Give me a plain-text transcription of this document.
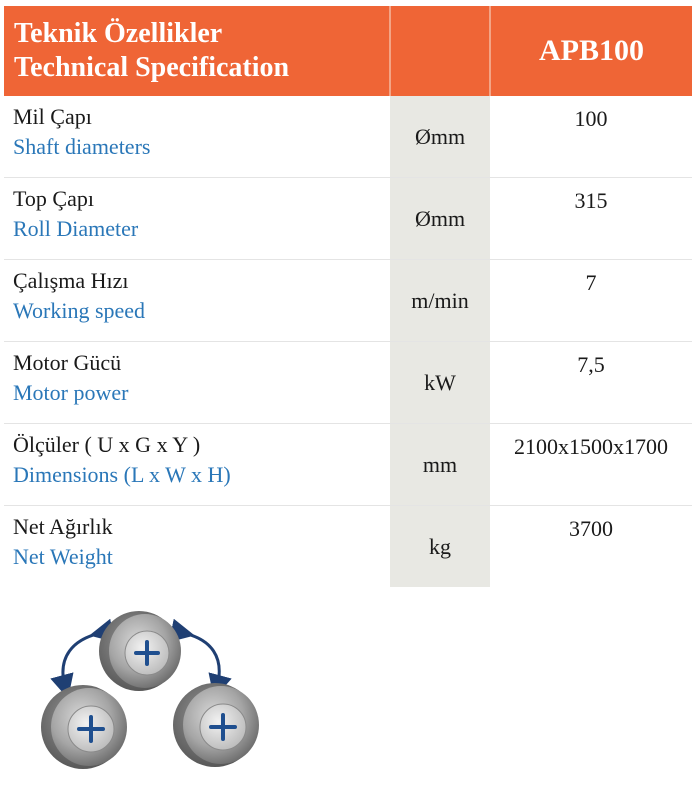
Teknik Özellikler
Technical Specification		APB100

Mil Çapı
Shaft diameters	Ømm	100

Top Çapı
Roll Diameter	Ømm	315

Çalışma Hızı
Working speed	m/min	7

Motor Gücü
Motor power	kW	7,5

Ölçüler ( U x G x Y )
Dimensions (L x W x H)	mm	2100x1500x1700

Net Ağırlık
Net Weight	kg	3700
